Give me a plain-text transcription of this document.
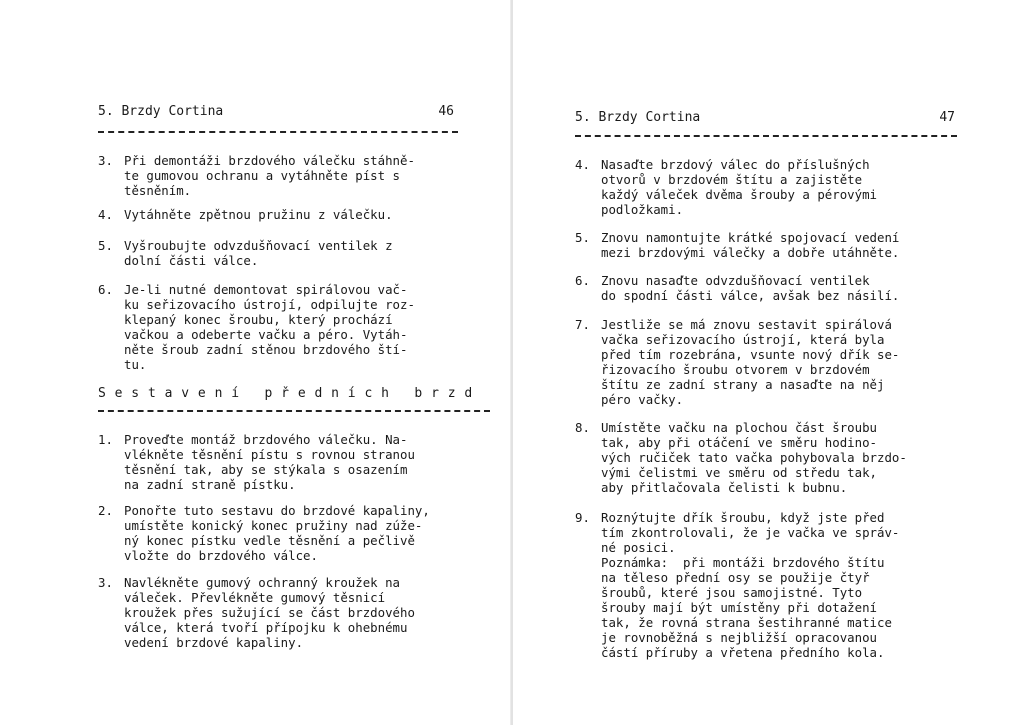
5. Brzdy Cortina	46
3. Při demontáži brzdového válečku stáhně-
te gumovou ochranu a vytáhněte píst s
těsněním.
4. Vytáhněte zpětnou pružinu z válečku.
5. Vyšroubujte odvzdušňovací ventilek z
dolní části válce.
6. Je-li nutné demontovat spirálovou vač-
ku seřizovacího ústrojí, odpilujte roz-
klepaný konec šroubu, který prochází
vačkou a odeberte vačku a péro. Vytáh-
něte šroub zadní stěnou brzdového ští-
tu.
S e s t a v e n í   p ř e d n í c h   b r z d
1. Proveďte montáž brzdového válečku. Na-
vlékněte těsnění pístu s rovnou stranou
těsnění tak, aby se stýkala s osazením
na zadní straně pístku.
2. Ponořte tuto sestavu do brzdové kapaliny,
umístěte konický konec pružiny nad zúže-
ný konec pístku vedle těsnění a pečlivě
vložte do brzdového válce.
3. Navlékněte gumový ochranný kroužek na
váleček. Převlékněte gumový těsnicí
kroužek přes sužující se část brzdového
válce, která tvoří přípojku k ohebnému
vedení brzdové kapaliny.
5. Brzdy Cortina	47
4. Nasaďte brzdový válec do příslušných
otvorů v brzdovém štítu a zajistěte
každý váleček dvěma šrouby a pérovými
podložkami.
5. Znovu namontujte krátké spojovací vedení
mezi brzdovými válečky a dobře utáhněte.
6. Znovu nasaďte odvzdušňovací ventilek
do spodní části válce, avšak bez násilí.
7. Jestliže se má znovu sestavit spirálová
vačka seřizovacího ústrojí, která byla
před tím rozebrána, vsunte nový dřík se-
řizovacího šroubu otvorem v brzdovém
štítu ze zadní strany a nasaďte na něj
péro vačky.
8. Umístěte vačku na plochou část šroubu
tak, aby při otáčení ve směru hodino-
vých ručiček tato vačka pohybovala brzdo-
vými čelistmi ve směru od středu tak,
aby přitlačovala čelisti k bubnu.
9. Roznýtujte dřík šroubu, když jste před
tím zkontrolovali, že je vačka ve správ-
né posici.
Poznámka:  při montáži brzdového štítu
na těleso přední osy se použije čtyř
šroubů, které jsou samojistné. Tyto
šrouby mají být umístěny při dotažení
tak, že rovná strana šestihranné matice
je rovnoběžná s nejbližší opracovanou
částí příruby a vřetena předního kola.
